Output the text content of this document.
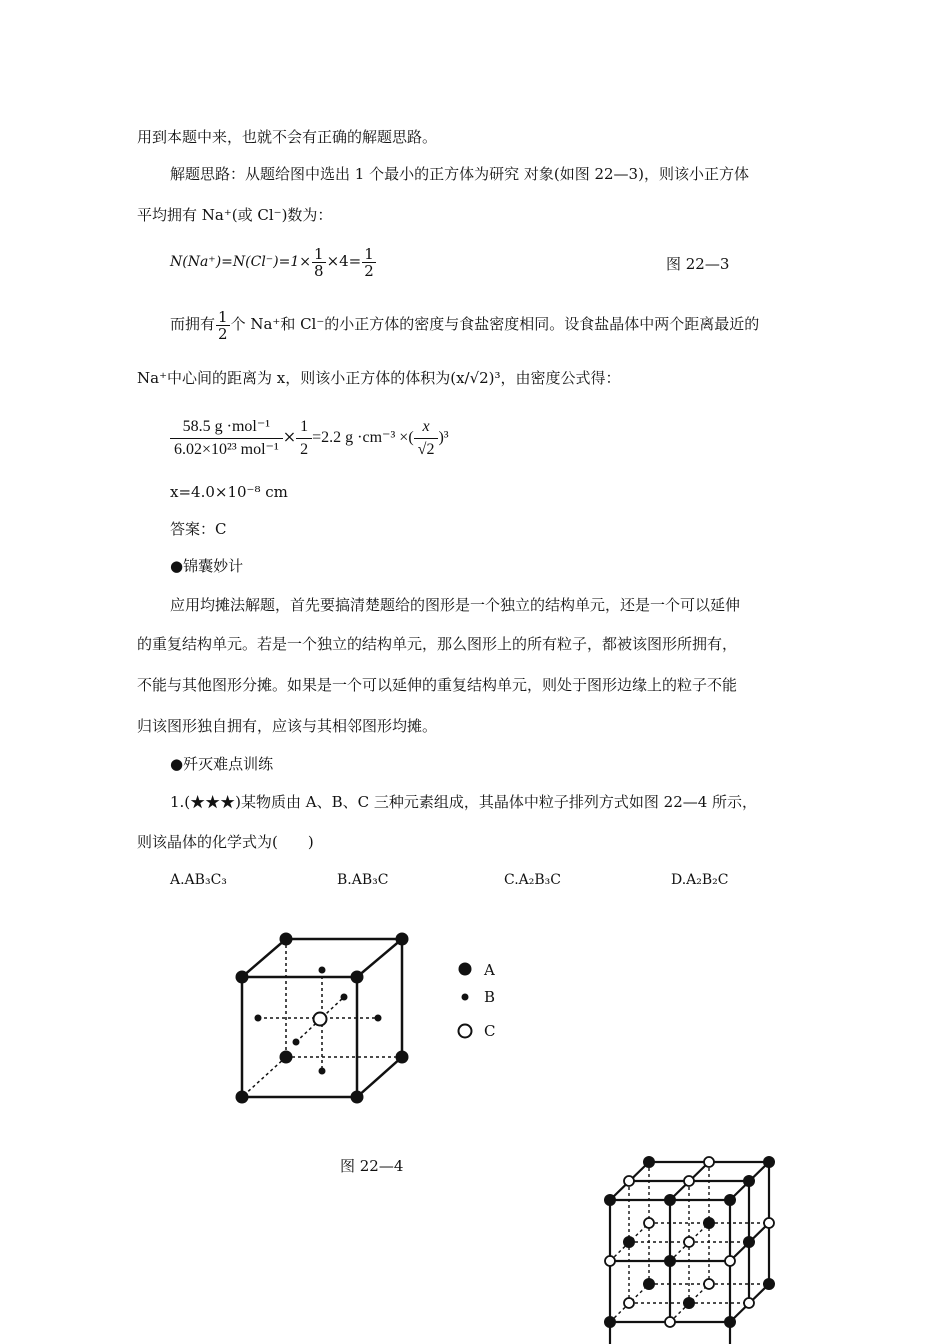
用到本题中来，也就不会有正确的解题思路。
解题思路：从题给图中选出 1 个最小的正方体为研究 对象(如图 22—3)，则该小正方体
平均拥有 Na⁺(或 Cl⁻)数为：
$N(Na^+)=N(Cl^-)=1\times \frac{1}{8} \times 4= \frac{1}{2}$	图 22—3
而拥有 $\frac{1}{2}$ 个 Na⁺和 Cl⁻的小正方体的密度与食盐密度相同。设食盐晶体中两个距离最近的
Na⁺中心间的距离为 x，则该小正方体的体积为(x/√2)³，由密度公式得：
$\frac{\text{58.5 g ·mol⁻¹}}{\text{6.02×10²³ mol⁻¹}} \times \frac{1}{2} =2.2$ g ·cm⁻³ ×( $\frac{x}{√2} )^3$
x=4.0×10⁻⁸ cm
答案：C
●锦囊妙计
应用均摊法解题，首先要搞清楚题给的图形是一个独立的结构单元，还是一个可以延伸
的重复结构单元。若是一个独立的结构单元，那么图形上的所有粒子，都被该图形所拥有，
不能与其他图形分摊。如果是一个可以延伸的重复结构单元，则处于图形边缘上的粒子不能
归该图形独自拥有，应该与其相邻图形均摊。
●歼灭难点训练
1.(★★★)某物质由 A、B、C 三种元素组成，其晶体中粒子排列方式如图 22—4 所示，
则该晶体的化学式为(　　)
A.AB₃C₃	B.AB₃C	C.A₂B₃C	D.A₂B₂C
A
B
C
图 22—4
